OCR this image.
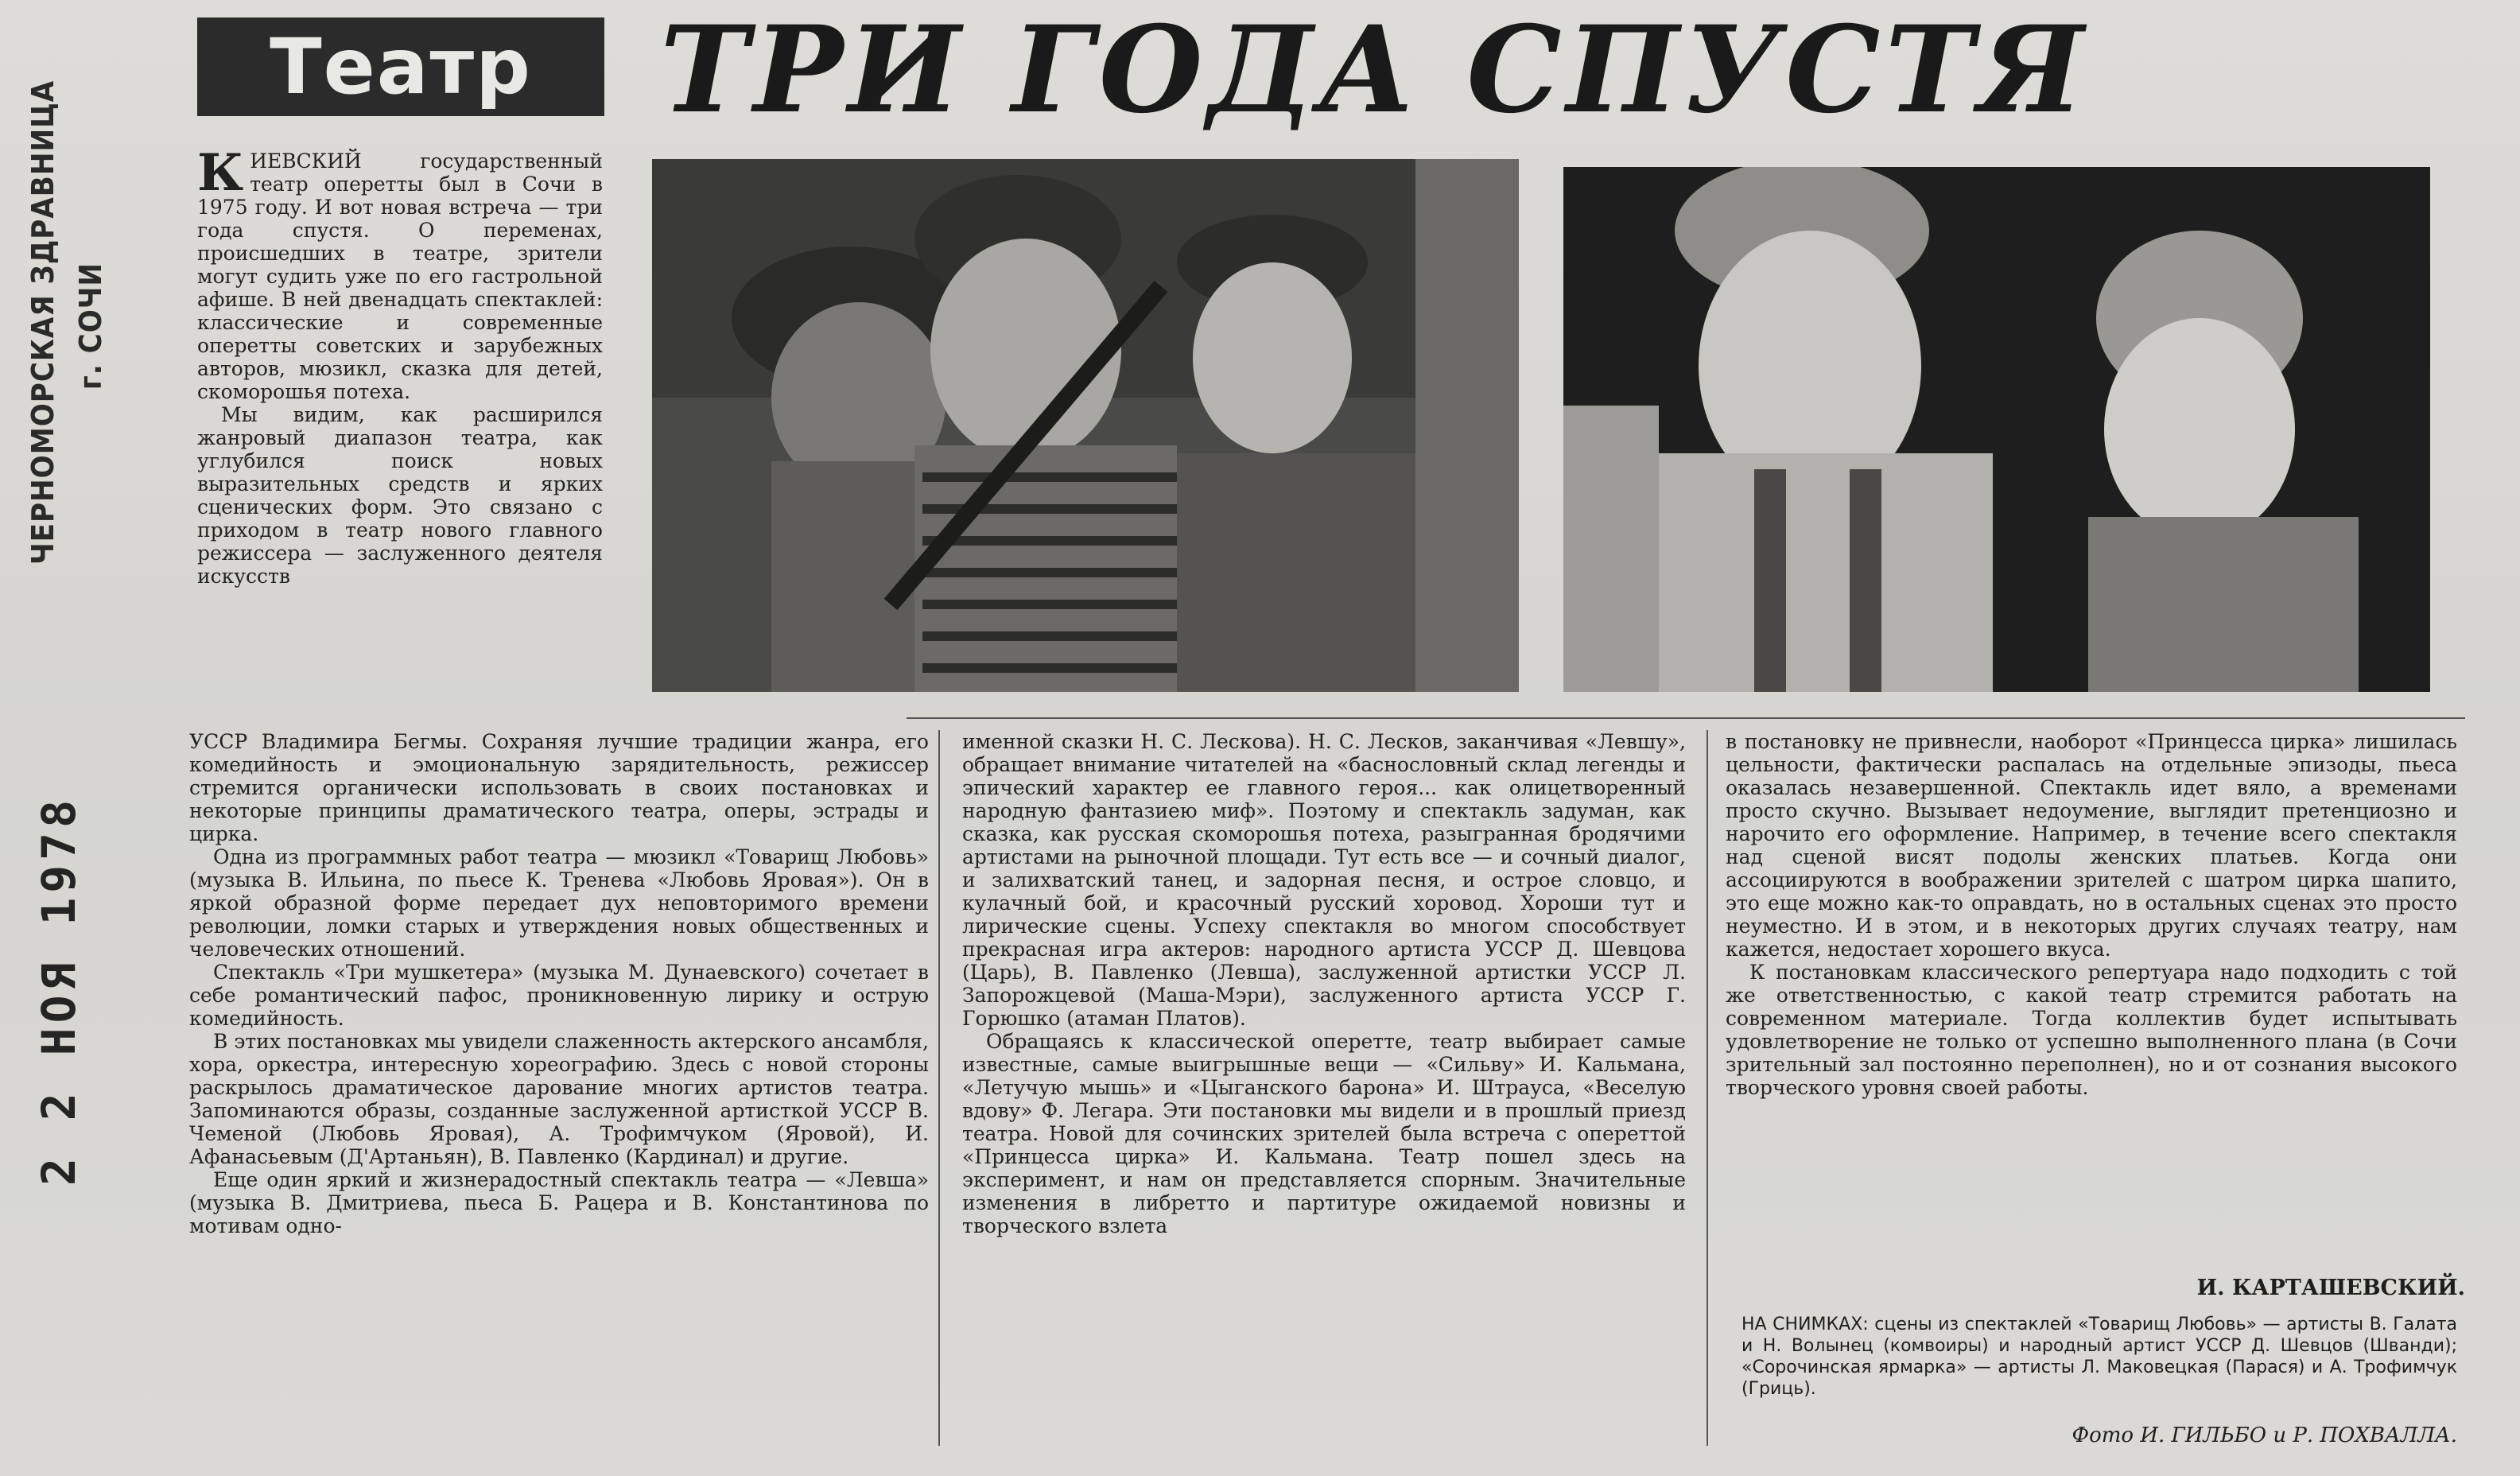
ЧЕРНОМОРСКАЯ ЗДРАВНИЦА г. СОЧИ
2 2 НОЯ 1978
Театр	ТРИ ГОДА СПУСТЯ

КИЕВСКИЙ государственный театр оперетты был в Сочи в 1975 году. И вот новая встреча — три года спустя. О переменах, происшедших в театре, зрители могут судить уже по его гастрольной афише. В ней двенадцать спектаклей: классические и современные оперетты советских и зарубежных авторов, мюзикл, сказка для детей, скоморошья потеха.

Мы видим, как расширился жанровый диапазон театра, как углубился поиск новых выразительных средств и ярких сценических форм. Это связано с приходом в театр нового главного режиссера — заслуженного деятеля искусств

УССР Владимира Бегмы. Сохраняя лучшие традиции жанра, его комедийность и эмоциональную зарядительность, режиссер стремится органически использовать в своих постановках и некоторые принципы драматического театра, оперы, эстрады и цирка.

Одна из программных работ театра — мюзикл «Товарищ Любовь» (музыка В. Ильина, по пьесе К. Тренева «Любовь Яровая»). Он в яркой образной форме передает дух неповторимого времени революции, ломки старых и утверждения новых общественных и человеческих отношений.

Спектакль «Три мушкетера» (музыка М. Дунаевского) сочетает в себе романтический пафос, проникновенную лирику и острую комедийность.

В этих постановках мы увидели слаженность актерского ансамбля, хора, оркестра, интересную хореографию. Здесь с новой стороны раскрылось драматическое дарование многих артистов театра. Запоминаются образы, созданные заслуженной артисткой УССР В. Чеменой (Любовь Яровая), А. Трофимчуком (Яровой), И. Афанасьевым (Д'Артаньян), В. Павленко (Кардинал) и другие.

Еще один яркий и жизнерадостный спектакль театра — «Левша» (музыка В. Дмитриева, пьеса Б. Рацера и В. Константинова по мотивам одно-

именной сказки Н. С. Лескова). Н. С. Лесков, заканчивая «Левшу», обращает внимание читателей на «баснословный склад легенды и эпический характер ее главного героя... как олицетворенный народную фантазиею миф». Поэтому и спектакль задуман, как сказка, как русская скоморошья потеха, разыгранная бродячими артистами на рыночной площади. Тут есть все — и сочный диалог, и залихватский танец, и задорная песня, и острое словцо, и кулачный бой, и красочный русский хоровод. Хороши тут и лирические сцены. Успеху спектакля во многом способствует прекрасная игра актеров: народного артиста УССР Д. Шевцова (Царь), В. Павленко (Левша), заслуженной артистки УССР Л. Запорожцевой (Маша-Мэри), заслуженного артиста УССР Г. Горюшко (атаман Платов).

Обращаясь к классической оперетте, театр выбирает самые известные, самые выигрышные вещи — «Сильву» И. Кальмана, «Летучую мышь» и «Цыганского барона» И. Штрауса, «Веселую вдову» Ф. Легара. Эти постановки мы видели и в прошлый приезд театра. Новой для сочинских зрителей была встреча с опереттой «Принцесса цирка» И. Кальмана. Театр пошел здесь на эксперимент, и нам он представляется спорным. Значительные изменения в либретто и партитуре ожидаемой новизны и творческого взлета

в постановку не привнесли, наоборот «Принцесса цирка» лишилась цельности, фактически распалась на отдельные эпизоды, пьеса оказалась незавершенной. Спектакль идет вяло, а временами просто скучно. Вызывает недоумение, выглядит претенциозно и нарочито его оформление. Например, в течение всего спектакля над сценой висят подолы женских платьев. Когда они ассоциируются в воображении зрителей с шатром цирка шапито, это еще можно как-то оправдать, но в остальных сценах это просто неуместно. И в этом, и в некоторых других случаях театру, нам кажется, недостает хорошего вкуса.

К постановкам классического репертуара надо подходить с той же ответственностью, с какой театр стремится работать на современном материале. Тогда коллектив будет испытывать удовлетворение не только от успешно выполненного плана (в Сочи зрительный зал постоянно переполнен), но и от сознания высокого творческого уровня своей работы.

И. КАРТАШЕВСКИЙ.
НА СНИМКАХ: сцены из спектаклей «Товарищ Любовь» — артисты В. Галата и Н. Волынец (комвоиры) и народный артист УССР Д. Шевцов (Шванди); «Сорочинская ярмарка» — артисты Л. Маковецкая (Парася) и А. Трофимчук (Гриць).
Фото И. ГИЛЬБО и Р. ПОХВАЛЛА.
